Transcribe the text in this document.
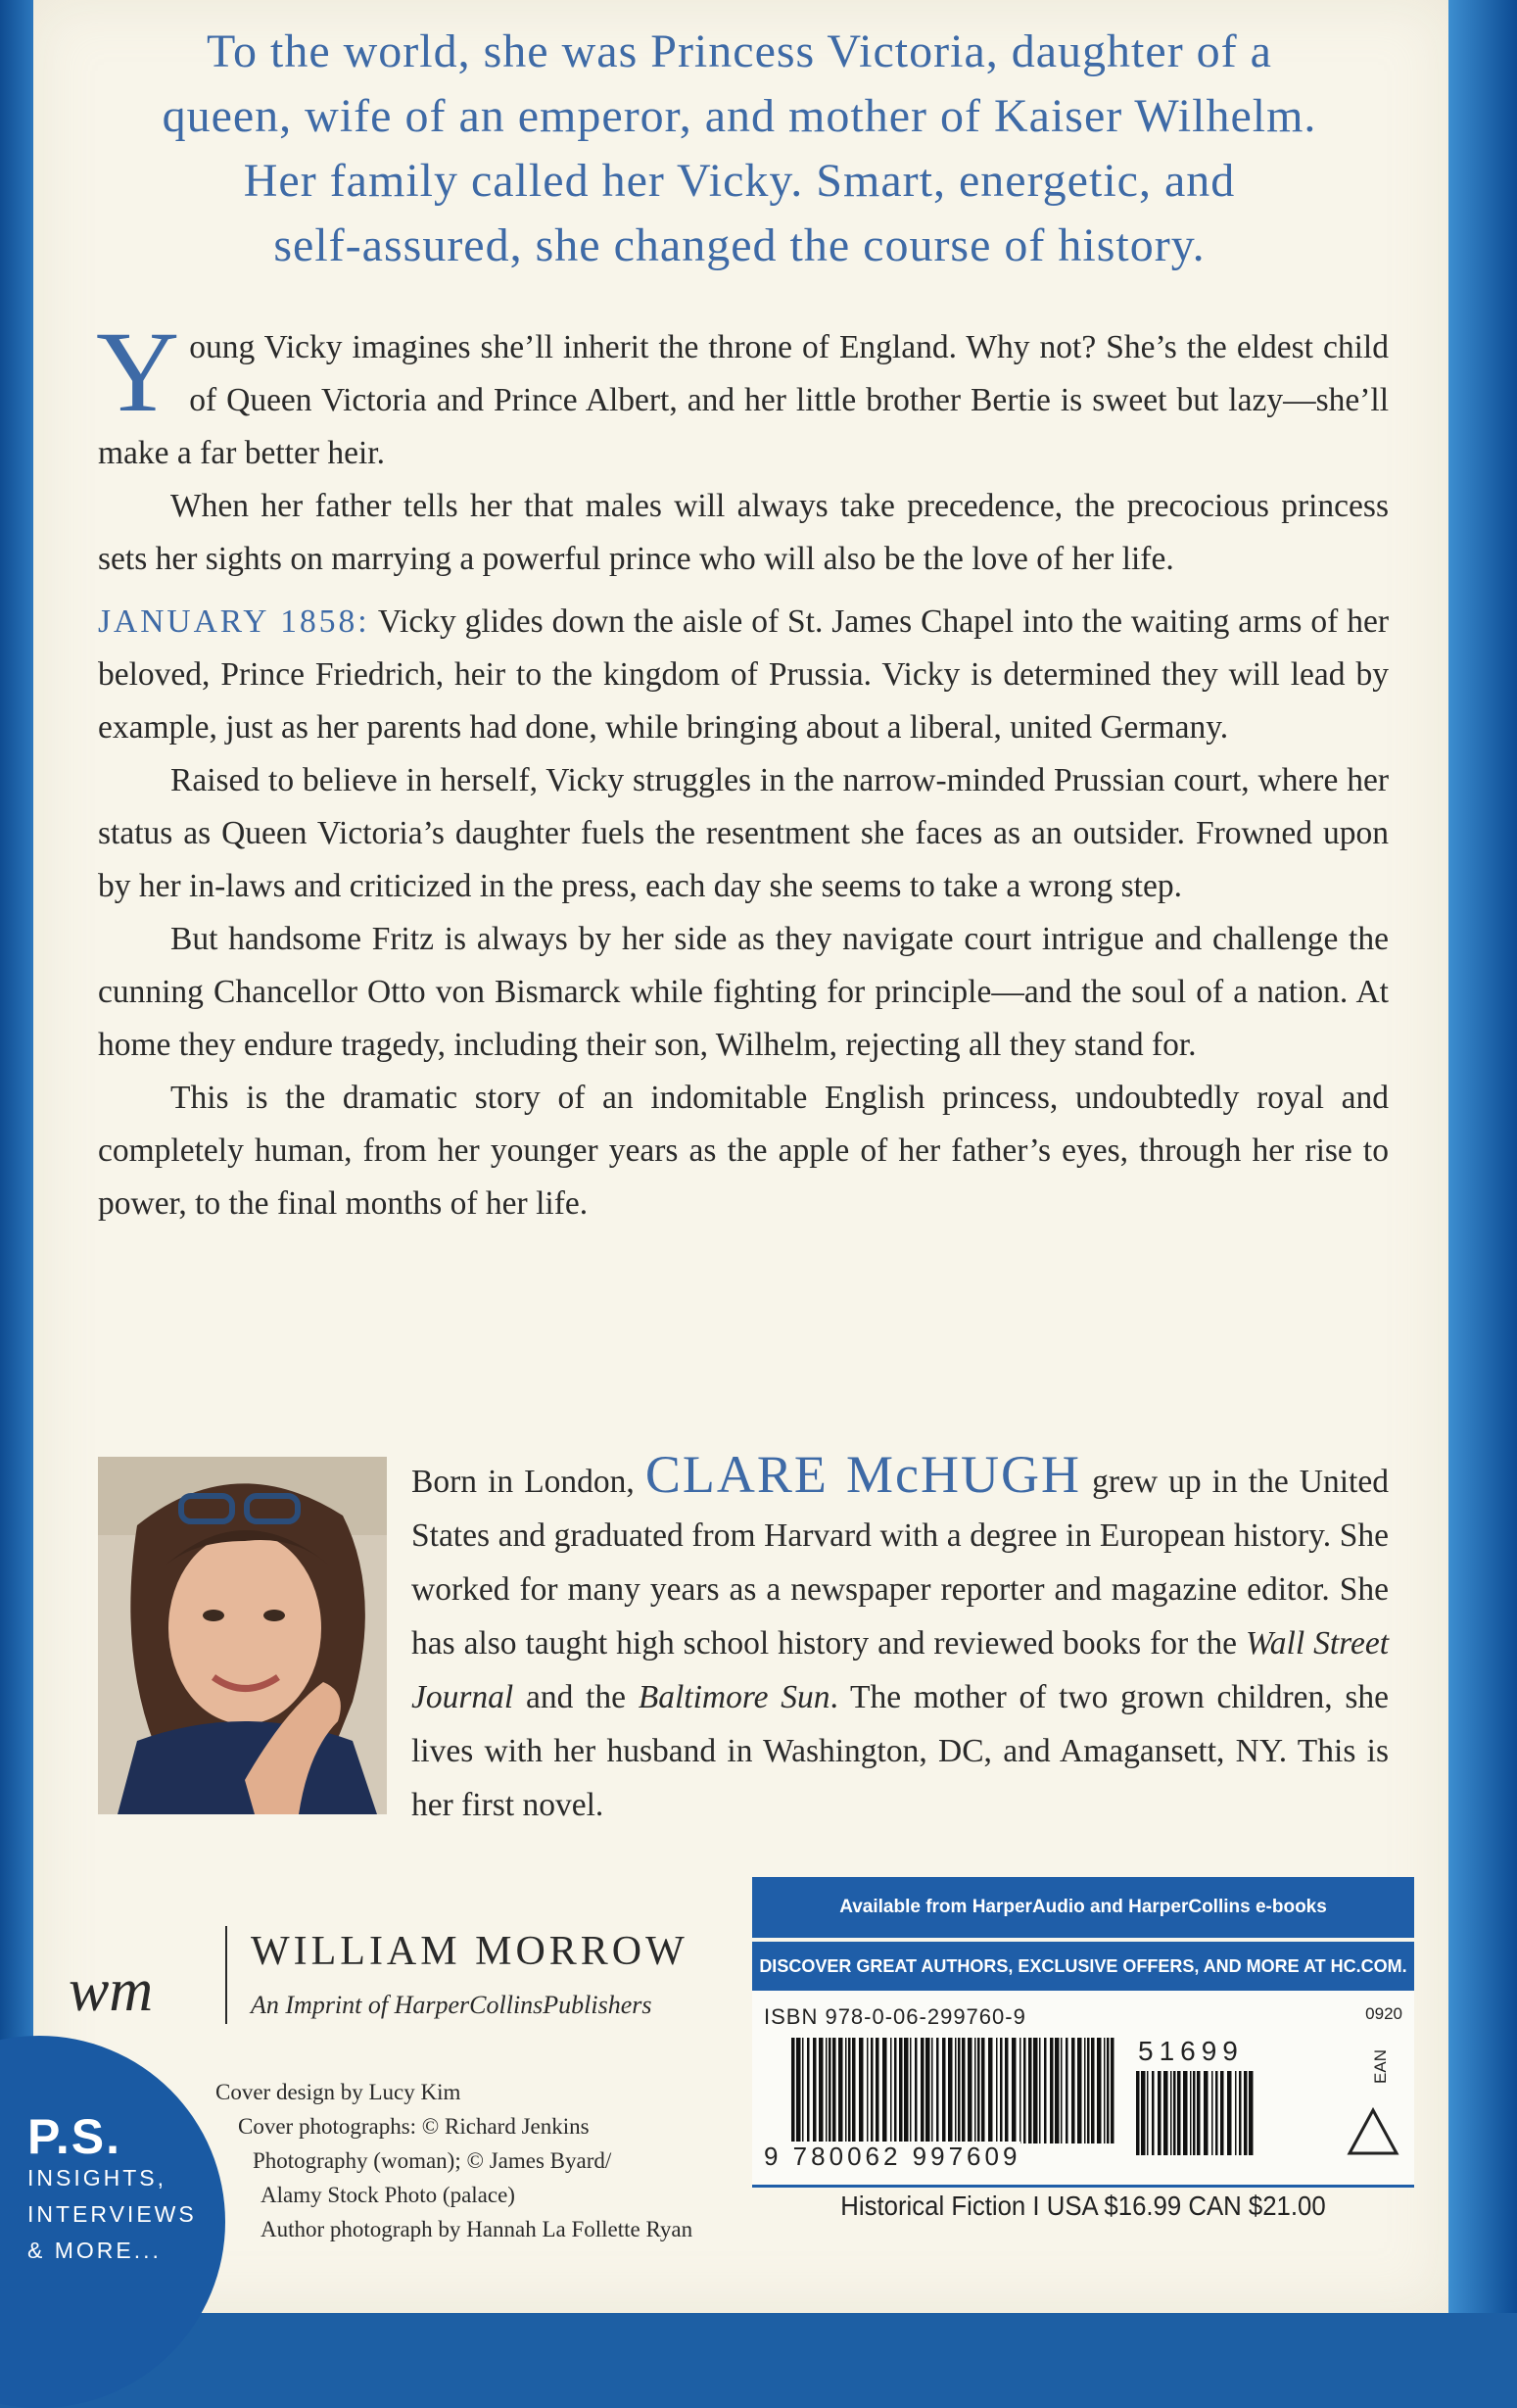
To the world, she was Princess Victoria, daughter of a
queen, wife of an emperor, and mother of Kaiser Wilhelm.
Her family called her Vicky. Smart, energetic, and
self-assured, she changed the course of history.

Young Vicky imagines she’ll inherit the throne of England. Why not? She’s the eldest child of Queen Victoria and Prince Albert, and her little brother Bertie is sweet but lazy—she’ll make a far better heir.

When her father tells her that males will always take precedence, the precocious princess sets her sights on marrying a powerful prince who will also be the love of her life.

JANUARY 1858: Vicky glides down the aisle of St. James Chapel into the waiting arms of her beloved, Prince Friedrich, heir to the kingdom of Prussia. Vicky is determined they will lead by example, just as her parents had done, while bringing about a liberal, united Germany.

Raised to believe in herself, Vicky struggles in the narrow-minded Prussian court, where her status as Queen Victoria’s daughter fuels the resentment she faces as an outsider. Frowned upon by her in-laws and criticized in the press, each day she seems to take a wrong step.

But handsome Fritz is always by her side as they navigate court intrigue and challenge the cunning Chancellor Otto von Bismarck while fighting for principle—and the soul of a nation. At home they endure tragedy, including their son, Wilhelm, rejecting all they stand for.

This is the dramatic story of an indomitable English princess, undoubtedly royal and completely human, from her younger years as the apple of her father’s eyes, through her rise to power, to the final months of her life.

Born in London, CLARE McHUGH grew up in the United States and graduated from Harvard with a degree in European history. She worked for many years as a newspaper reporter and magazine editor. She has also taught high school history and reviewed books for the Wall Street Journal and the Baltimore Sun. The mother of two grown children, she lives with her husband in Washington, DC, and Amagansett, NY. This is her first novel.
wm
WILLIAM MORROW
An Imprint of HarperCollinsPublishers
Cover design by Lucy Kim
Cover photographs: © Richard Jenkins
Photography (woman); © James Byard/
Alamy Stock Photo (palace)
Author photograph by Hannah La Follette Ryan
P.S.
INSIGHTS,
INTERVIEWS
& MORE...
Available from HarperAudio and HarperCollins e-books
DISCOVER GREAT AUTHORS, EXCLUSIVE OFFERS, AND MORE AT HC.COM.
ISBN 978-0-06-299760-9	0920
51699
9 780062 997609
EAN
Historical Fiction I USA $16.99 CAN $21.00
